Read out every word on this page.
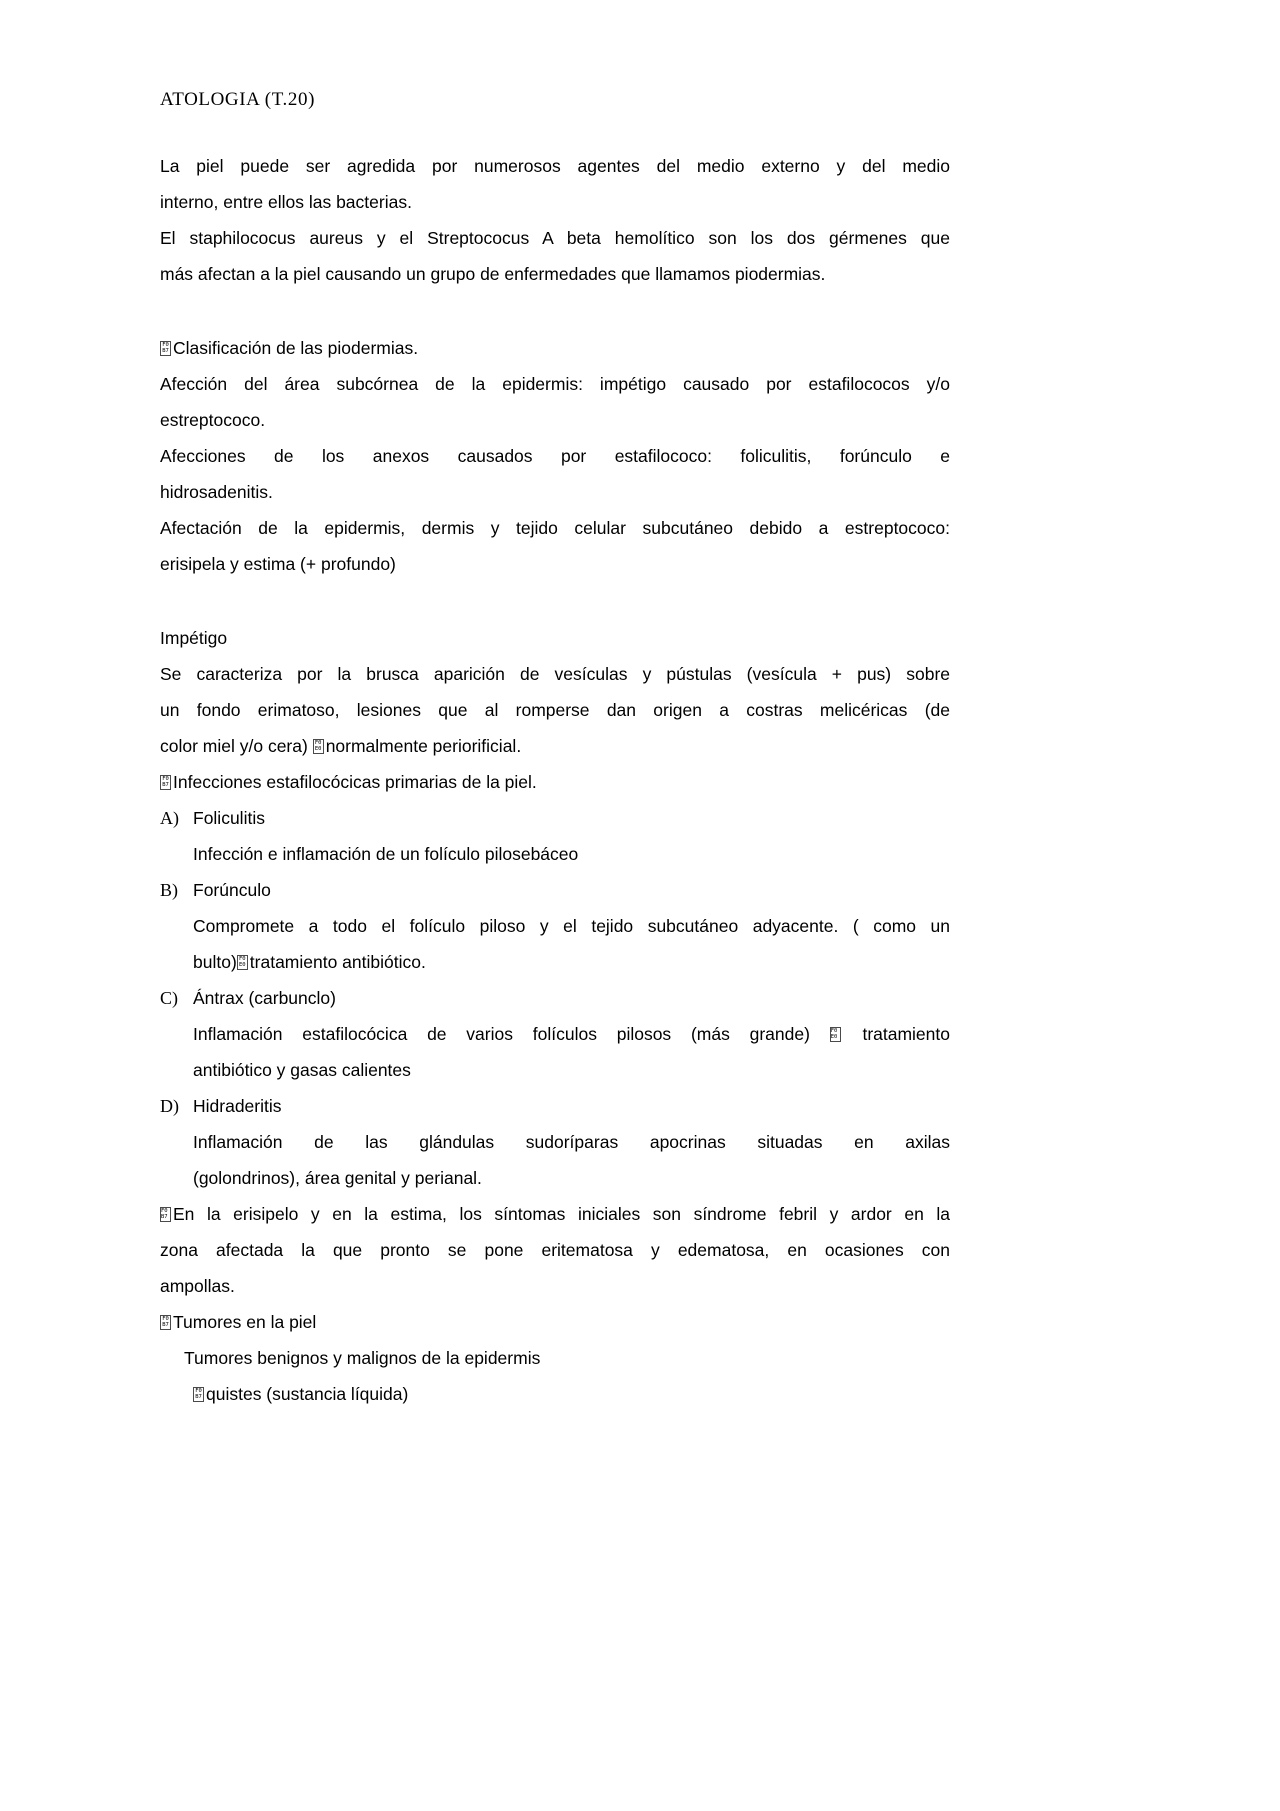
ATOLOGIA (T.20)
La piel puede ser agredida por numerosos agentes del medio externo y del medio
interno, entre ellos las bacterias.
El staphilococus aureus y el Streptococus A beta hemolítico son los dos gérmenes que
más afectan a la piel causando un grupo de enfermedades que llamamos piodermias.
F0
B7 Clasificación de las piodermias.
Afección del área subcórnea de la epidermis: impétigo causado por estafilococos y/o
estreptococo.
Afecciones de los anexos causados por estafilococo: foliculitis, forúnculo e
hidrosadenitis.
Afectación de la epidermis, dermis y tejido celular subcutáneo debido a estreptococo:
erisipela y estima (+ profundo)
Impétigo
Se caracteriza por la brusca aparición de vesículas y pústulas (vesícula + pus) sobre
un fondo erimatoso, lesiones que al romperse dan origen a costras melicéricas (de
color miel y/o cera) F0
E0 normalmente periorificial.
F0
B7 Infecciones estafilocócicas primarias de la piel.
A) Foliculitis
Infección e inflamación de un folículo pilosebáceo
B) Forúnculo
Compromete a todo el folículo piloso y el tejido subcutáneo adyacente. ( como un
bulto) F0
E0 tratamiento antibiótico.
C) Ántrax (carbunclo)
Inflamación estafilocócica de varios folículos pilosos (más grande) F0
E0 tratamiento
antibiótico y gasas calientes
D) Hidraderitis
Inflamación de las glándulas sudoríparas apocrinas situadas en axilas
(golondrinos), área genital y perianal.
F0
B7 En la erisipelo y en la estima, los síntomas iniciales son síndrome febril y ardor en la
zona afectada la que pronto se pone eritematosa y edematosa, en ocasiones con
ampollas.
F0
B7 Tumores en la piel
Tumores benignos y malignos de la epidermis
F0
B7 quistes (sustancia líquida)
